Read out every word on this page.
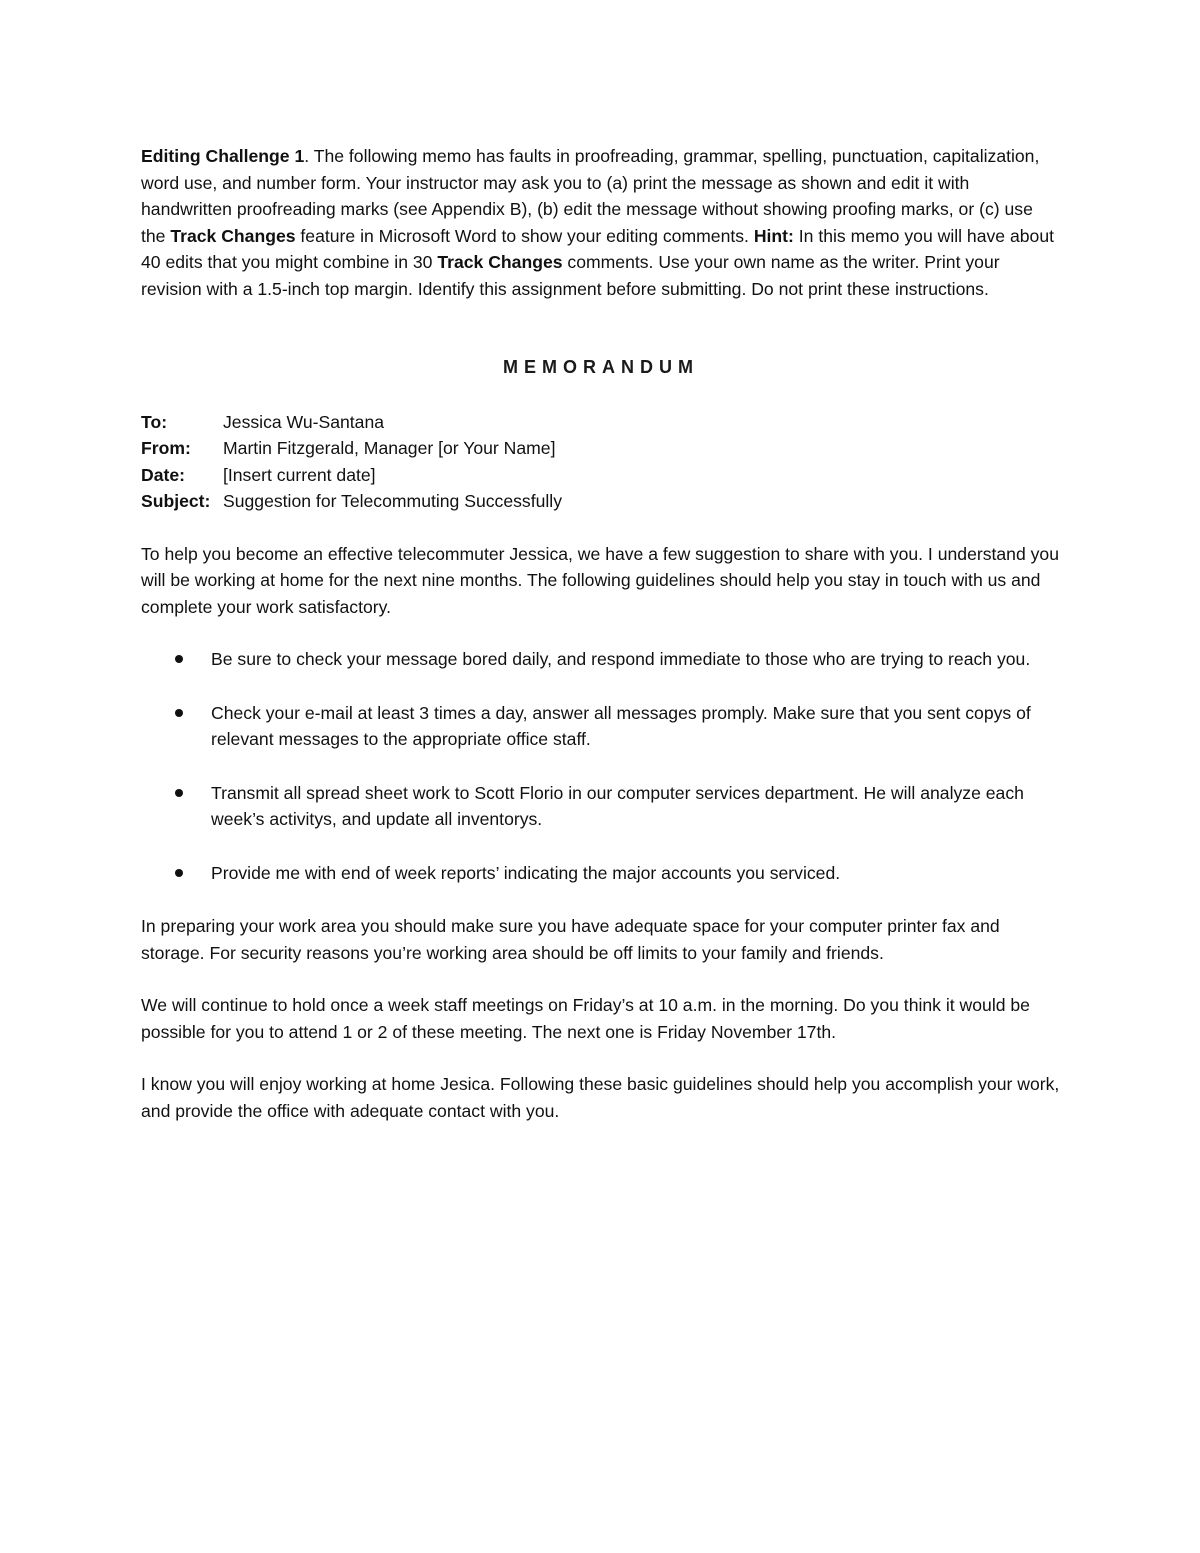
Editing Challenge 1. The following memo has faults in proofreading, grammar, spelling, punctuation, capitalization, word use, and number form. Your instructor may ask you to (a) print the message as shown and edit it with handwritten proofreading marks (see Appendix B), (b) edit the message without showing proofing marks, or (c) use the Track Changes feature in Microsoft Word to show your editing comments. Hint: In this memo you will have about 40 edits that you might combine in 30 Track Changes comments. Use your own name as the writer. Print your revision with a 1.5-inch top margin. Identify this assignment before submitting. Do not print these instructions.

MEMORANDUM
To:	Jessica Wu-Santana
From:	Martin Fitzgerald, Manager [or Your Name]
Date:	[Insert current date]
Subject: Suggestion for Telecommuting Successfully

To help you become an effective telecommuter Jessica, we have a few suggestion to share with you. I understand you will be working at home for the next nine months. The following guidelines should help you stay in touch with us and complete your work satisfactory.

Be sure to check your message bored daily, and respond immediate to those who are trying to reach you.
Check your e-mail at least 3 times a day, answer all messages promply. Make sure that you sent copys of relevant messages to the appropriate office staff.
Transmit all spread sheet work to Scott Florio in our computer services department. He will analyze each week’s activitys, and update all inventorys.
Provide me with end of week reports’ indicating the major accounts you serviced.

In preparing your work area you should make sure you have adequate space for your computer printer fax and storage. For security reasons you’re working area should be off limits to your family and friends.

We will continue to hold once a week staff meetings on Friday’s at 10 a.m. in the morning. Do you think it would be possible for you to attend 1 or 2 of these meeting. The next one is Friday November 17th.

I know you will enjoy working at home Jesica. Following these basic guidelines should help you accomplish your work, and provide the office with adequate contact with you.
